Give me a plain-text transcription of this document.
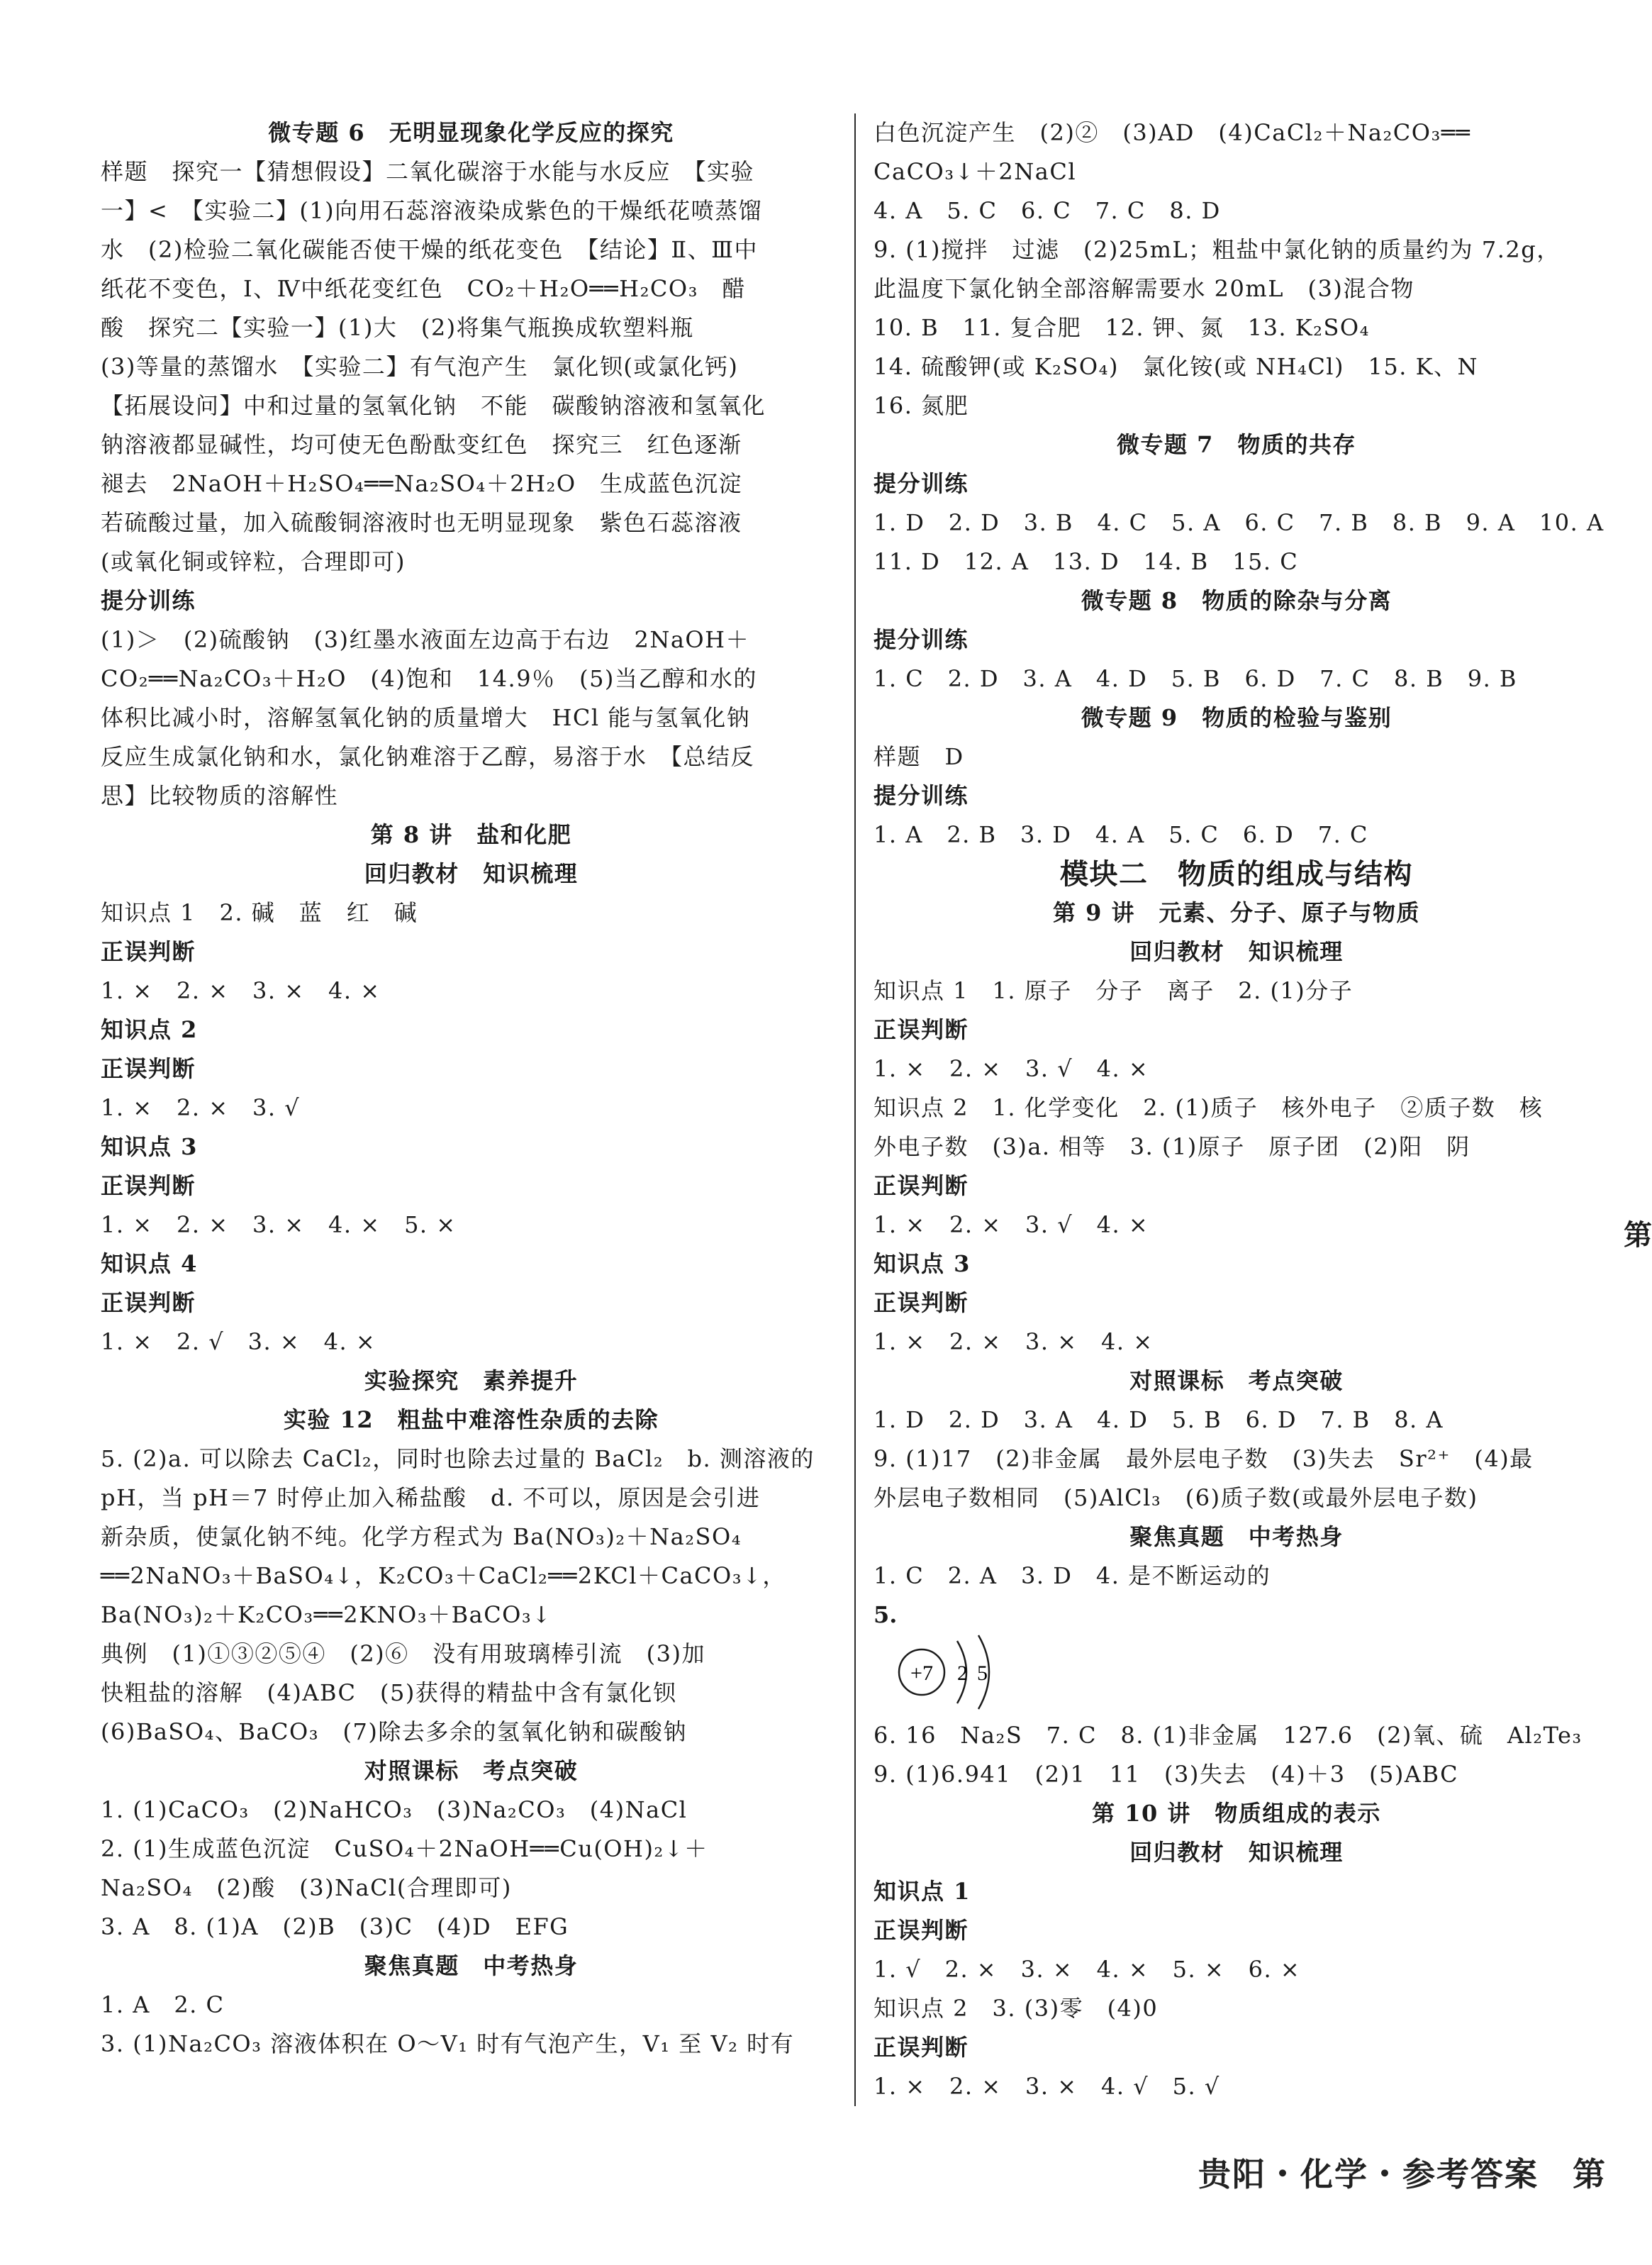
微专题 6　无明显现象化学反应的探究
样题　探究一【猜想假设】二氧化碳溶于水能与水反应　【实验
一】<　【实验二】(1)向用石蕊溶液染成紫色的干燥纸花喷蒸馏
水　(2)检验二氧化碳能否使干燥的纸花变色　【结论】Ⅱ、Ⅲ中
纸花不变色，Ⅰ、Ⅳ中纸花变红色　CO₂＋H₂O══H₂CO₃　醋
酸　探究二【实验一】(1)大　(2)将集气瓶换成软塑料瓶
(3)等量的蒸馏水　【实验二】有气泡产生　氯化钡(或氯化钙)
【拓展设问】中和过量的氢氧化钠　不能　碳酸钠溶液和氢氧化
钠溶液都显碱性，均可使无色酚酞变红色　探究三　红色逐渐
褪去　2NaOH＋H₂SO₄══Na₂SO₄＋2H₂O　生成蓝色沉淀
若硫酸过量，加入硫酸铜溶液时也无明显现象　紫色石蕊溶液
(或氧化铜或锌粒，合理即可)
提分训练
(1)＞　(2)硫酸钠　(3)红墨水液面左边高于右边　2NaOH＋
CO₂══Na₂CO₃＋H₂O　(4)饱和　14.9％　(5)当乙醇和水的
体积比减小时，溶解氢氧化钠的质量增大　HCl 能与氢氧化钠
反应生成氯化钠和水，氯化钠难溶于乙醇，易溶于水　【总结反
思】比较物质的溶解性
第 8 讲　盐和化肥
回归教材　知识梳理
知识点 1　2. 碱　蓝　红　碱
正误判断
1. ×　2. ×　3. ×　4. ×
知识点 2
正误判断
1. ×　2. ×　3. √
知识点 3
正误判断
1. ×　2. ×　3. ×　4. ×　5. ×
知识点 4
正误判断
1. ×　2. √　3. ×　4. ×
实验探究　素养提升
实验 12　粗盐中难溶性杂质的去除
5. (2)a. 可以除去 CaCl₂，同时也除去过量的 BaCl₂　b. 测溶液的
pH，当 pH＝7 时停止加入稀盐酸　d. 不可以，原因是会引进
新杂质，使氯化钠不纯。化学方程式为 Ba(NO₃)₂＋Na₂SO₄
══2NaNO₃＋BaSO₄↓，K₂CO₃＋CaCl₂══2KCl＋CaCO₃↓，
Ba(NO₃)₂＋K₂CO₃══2KNO₃＋BaCO₃↓
典例　(1)①③②⑤④　(2)⑥　没有用玻璃棒引流　(3)加
快粗盐的溶解　(4)ABC　(5)获得的精盐中含有氯化钡
(6)BaSO₄、BaCO₃　(7)除去多余的氢氧化钠和碳酸钠
对照课标　考点突破
1. (1)CaCO₃　(2)NaHCO₃　(3)Na₂CO₃　(4)NaCl
2. (1)生成蓝色沉淀　CuSO₄＋2NaOH══Cu(OH)₂↓＋
Na₂SO₄　(2)酸　(3)NaCl(合理即可)
3. A　8. (1)A　(2)B　(3)C　(4)D　EFG
聚焦真题　中考热身
1. A　2. C
3. (1)Na₂CO₃ 溶液体积在 O～V₁ 时有气泡产生，V₁ 至 V₂ 时有
白色沉淀产生　(2)②　(3)AD　(4)CaCl₂＋Na₂CO₃══
CaCO₃↓＋2NaCl
4. A　5. C　6. C　7. C　8. D
9. (1)搅拌　过滤　(2)25mL；粗盐中氯化钠的质量约为 7.2g，
此温度下氯化钠全部溶解需要水 20mL　(3)混合物
10. B　11. 复合肥　12. 钾、氮　13. K₂SO₄
14. 硫酸钾(或 K₂SO₄)　氯化铵(或 NH₄Cl)　15. K、N
16. 氮肥
微专题 7　物质的共存
提分训练
1. D　2. D　3. B　4. C　5. A　6. C　7. B　8. B　9. A　10. A
11. D　12. A　13. D　14. B　15. C
微专题 8　物质的除杂与分离
提分训练
1. C　2. D　3. A　4. D　5. B　6. D　7. C　8. B　9. B
微专题 9　物质的检验与鉴别
样题　D
提分训练
1. A　2. B　3. D　4. A　5. C　6. D　7. C
模块二　物质的组成与结构
第 9 讲　元素、分子、原子与物质
回归教材　知识梳理
知识点 1　1. 原子　分子　离子　2. (1)分子
正误判断
1. ×　2. ×　3. √　4. ×
知识点 2　1. 化学变化　2. (1)质子　核外电子　②质子数　核
外电子数　(3)a. 相等　3. (1)原子　原子团　(2)阳　阴
正误判断
1. ×　2. ×　3. √　4. ×
知识点 3
正误判断
1. ×　2. ×　3. ×　4. ×
对照课标　考点突破
1. D　2. D　3. A　4. D　5. B　6. D　7. B　8. A
9. (1)17　(2)非金属　最外层电子数　(3)失去　Sr²⁺　(4)最
外层电子数相同　(5)AlCl₃　(6)质子数(或最外层电子数)
聚焦真题　中考热身
1. C　2. A　3. D　4. 是不断运动的
5.
+7 2 5
6. 16　Na₂S　7. C　8. (1)非金属　127.6　(2)氧、硫　Al₂Te₃
9. (1)6.941　(2)1　11　(3)失去　(4)＋3　(5)ABC
第 10 讲　物质组成的表示
回归教材　知识梳理
知识点 1
正误判断
1. √　2. ×　3. ×　4. ×　5. ×　6. ×
知识点 2　3. (3)零　(4)0
正误判断
1. ×　2. ×　3. ×　4. √　5. √
第
贵阳・化学・参考答案　第
